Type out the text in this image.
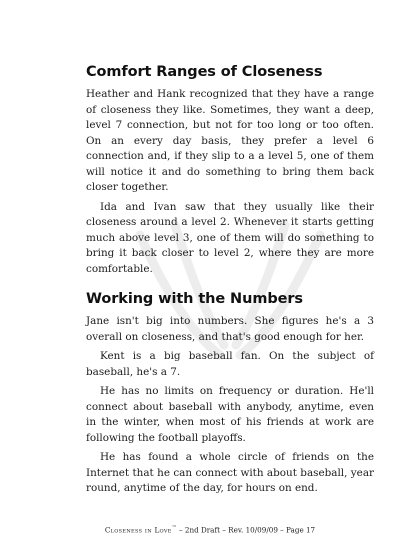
Comfort Ranges of Closeness

Heather and Hank recognized that they have a range of closeness they like. Sometimes, they want a deep, level 7 connection, but not for too long or too often. On an every day basis, they prefer a level 6 connection and, if they slip to a a level 5, one of them will notice it and do something to bring them back closer together.

Ida and Ivan saw that they usually like their closeness around a level 2. Whenever it starts getting much above level 3, one of them will do something to bring it back closer to level 2, where they are more comfortable.

Working with the Numbers

Jane isn't big into numbers. She figures he's a 3 overall on closeness, and that's good enough for her.

Kent is a big baseball fan. On the subject of baseball, he's a 7.

He has no limits on frequency or duration. He'll connect about baseball with anybody, anytime, even in the winter, when most of his friends at work are following the football playoffs.

He has found a whole circle of friends on the Internet that he can connect with about baseball, year round, anytime of the day, for hours on end.

Closeness in Love™ – 2nd Draft – Rev. 10/09/09 – Page 17
